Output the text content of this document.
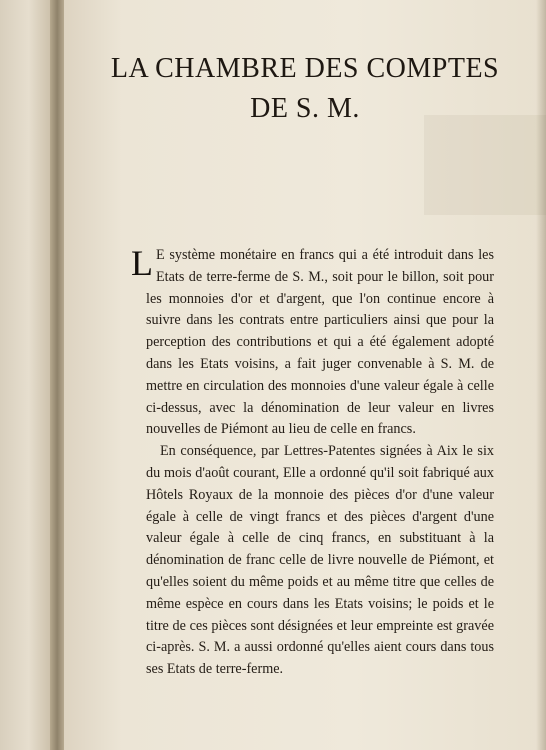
LA CHAMBRE DES COMPTES
DE S. M.

L E système monétaire en francs qui a été introduit dans les Etats de terre-ferme de S. M., soit pour le billon, soit pour les monnoies d'or et d'argent, que l'on continue encore à suivre dans les contrats entre particuliers ainsi que pour la perception des contributions et qui a été également adopté dans les Etats voisins, a fait juger convenable à S. M. de mettre en circulation des monnoies d'une valeur égale à celle ci-dessus, avec la dénomination de leur valeur en livres nouvelles de Piémont au lieu de celle en francs.

En conséquence, par Lettres-Patentes signées à Aix le six du mois d'août courant, Elle a ordonné qu'il soit fabriqué aux Hôtels Royaux de la monnoie des pièces d'or d'une valeur égale à celle de vingt francs et des pièces d'argent d'une valeur égale à celle de cinq francs, en substituant à la dénomination de franc celle de livre nouvelle de Piémont, et qu'elles soient du même poids et au même titre que celles de même espèce en cours dans les Etats voisins; le poids et le titre de ces pièces sont désignées et leur empreinte est gravée ci-après. S. M. a aussi ordonné qu'elles aient cours dans tous ses Etats de terre-ferme.
